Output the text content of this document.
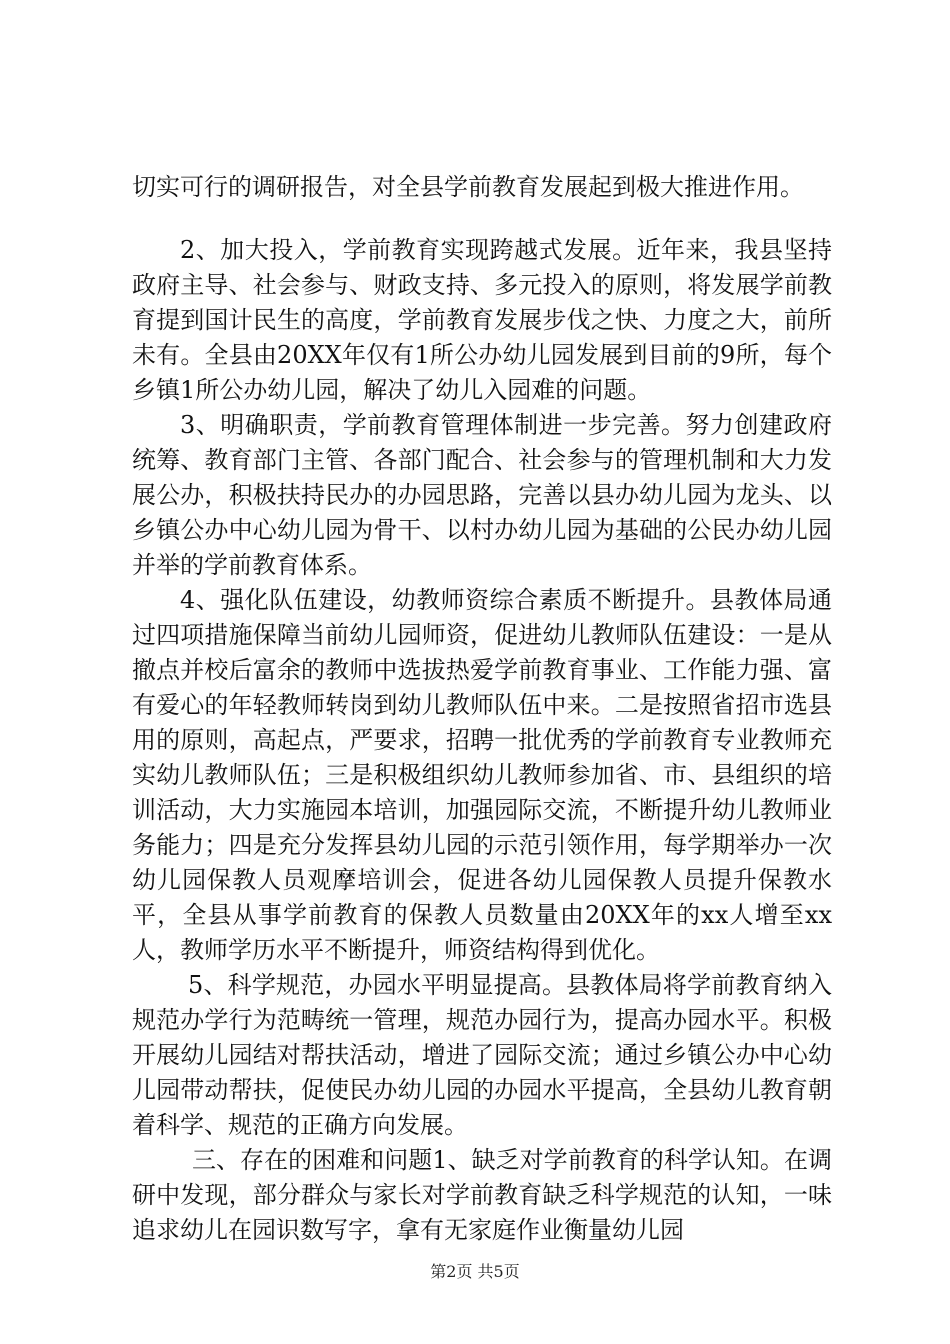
切实可行的调研报告，对全县学前教育发展起到极大推进作用。

2、加大投入，学前教育实现跨越式发展。近年来，我县坚持政府主导、社会参与、财政支持、多元投入的原则，将发展学前教育提到国计民生的高度，学前教育发展步伐之快、力度之大，前所未有。全县由20XX年仅有1所公办幼儿园发展到目前的9所，每个乡镇1所公办幼儿园，解决了幼儿入园难的问题。

3、明确职责，学前教育管理体制进一步完善。努力创建政府统筹、教育部门主管、各部门配合、社会参与的管理机制和大力发展公办，积极扶持民办的办园思路，完善以县办幼儿园为龙头、以乡镇公办中心幼儿园为骨干、以村办幼儿园为基础的公民办幼儿园并举的学前教育体系。

4、强化队伍建设，幼教师资综合素质不断提升。县教体局通过四项措施保障当前幼儿园师资，促进幼儿教师队伍建设：一是从撤点并校后富余的教师中选拔热爱学前教育事业、工作能力强、富有爱心的年轻教师转岗到幼儿教师队伍中来。二是按照省招市选县用的原则，高起点，严要求，招聘一批优秀的学前教育专业教师充实幼儿教师队伍；三是积极组织幼儿教师参加省、市、县组织的培训活动，大力实施园本培训，加强园际交流，不断提升幼儿教师业务能力；四是充分发挥县幼儿园的示范引领作用，每学期举办一次幼儿园保教人员观摩培训会，促进各幼儿园保教人员提升保教水平，全县从事学前教育的保教人员数量由20XX年的xx人增至xx人，教师学历水平不断提升，师资结构得到优化。

5、科学规范，办园水平明显提高。县教体局将学前教育纳入规范办学行为范畴统一管理，规范办园行为，提高办园水平。积极开展幼儿园结对帮扶活动，增进了园际交流；通过乡镇公办中心幼儿园带动帮扶，促使民办幼儿园的办园水平提高，全县幼儿教育朝着科学、规范的正确方向发展。

三、存在的困难和问题1、缺乏对学前教育的科学认知。在调研中发现，部分群众与家长对学前教育缺乏科学规范的认知，一味追求幼儿在园识数写字，拿有无家庭作业衡量幼儿园

第2页 共5页
